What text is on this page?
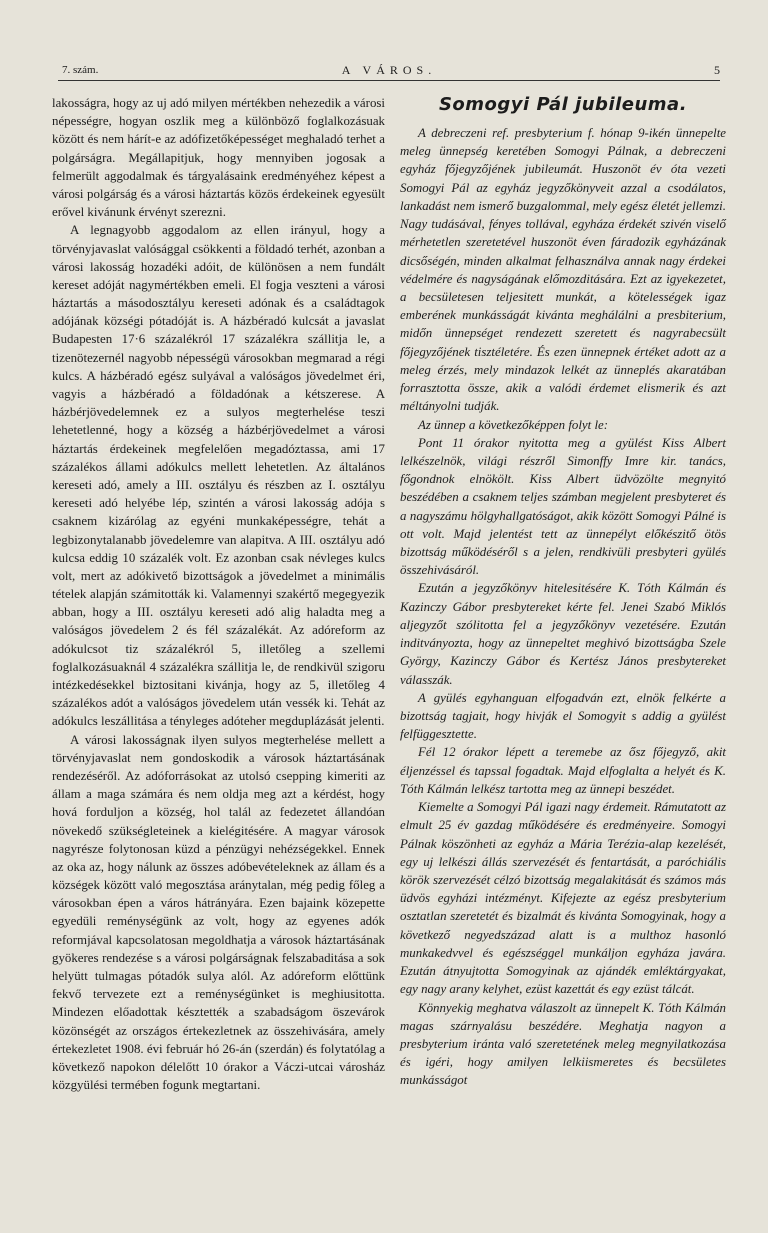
7. szám.	A VÁROS.	5

lakosságra, hogy az uj adó milyen mértékben nehezedik a városi népességre, hogyan oszlik meg a különböző foglalkozásuak között és nem hárít-e az adófizetőképességet meghaladó terhet a polgárságra. Megállapitjuk, hogy mennyiben jogosak a felmerült aggodalmak és tárgyalásaink eredményéhez képest a városi polgárság és a városi háztartás közös érdekeinek egyesült erővel kivánunk érvényt szerezni.

A legnagyobb aggodalom az ellen irányul, hogy a törvényjavaslat valósággal csökkenti a földadó terhét, azonban a városi lakosság hozadéki adóit, de különösen a nem fundált kereset adóját nagymértékben emeli. El fogja veszteni a városi háztartás a másodosztályu kereseti adónak és a családtagok adójának községi pótadóját is. A házbéradó kulcsát a javaslat Budapesten 17·6 százalékról 17 százalékra szállitja le, a tizenötezernél nagyobb népességü városokban megmarad a régi kulcs. A házbéradó egész sulyával a valóságos jövedelmet éri, vagyis a házbéradó a földadónak a kétszerese. A házbérjövedelemnek ez a sulyos megterhelése teszi lehetetlenné, hogy a község a házbérjövedelmet a városi háztartás érdekeinek megfelelően megadóztassa, ami 17 százalékos állami adókulcs mellett lehetetlen. Az általános kereseti adó, amely a III. osztályu és részben az I. osztályu kereseti adó helyébe lép, szintén a városi lakosság adója s csaknem kizárólag az egyéni munkaképességre, tehát a legbizonytalanabb jövedelemre van alapitva. A III. osztályu adó kulcsa eddig 10 százalék volt. Ez azonban csak névleges kulcs volt, mert az adókivető bizottságok a jövedelmet a minimális tételek alapján számitották ki. Valamennyi szakértő megegyezik abban, hogy a III. osztályu kereseti adó alig haladta meg a valóságos jövedelem 2 és fél százalékát. Az adóreform az adókulcsot tiz százalékról 5, illetőleg a szellemi foglalkozásuaknál 4 százalékra szállitja le, de rendkivül szigoru intézkedésekkel biztositani kivánja, hogy az 5, illetőleg 4 százalékos adót a valóságos jövedelem után vessék ki. Tehát az adókulcs leszállitása a tényleges adóteher megduplázását jelenti.

A városi lakosságnak ilyen sulyos megterhelése mellett a törvényjavaslat nem gondoskodik a városok háztartásának rendezéséről. Az adóforrásokat az utolsó csepping kimeriti az állam a maga számára és nem oldja meg azt a kérdést, hogy hová forduljon a község, hol talál az fedezetet állandóan növekedő szükségleteinek a kielégitésére. A magyar városok nagyrésze folytonosan küzd a pénzügyi nehézségekkel. Ennek az oka az, hogy nálunk az összes adóbevételeknek az állam és a községek között való megosztása aránytalan, még pedig főleg a városokban épen a város hátrányára. Ezen bajaink közepette egyedüli reménységünk az volt, hogy az egyenes adók reformjával kapcsolatosan megoldhatja a városok háztartásának gyökeres rendezése s a városi polgárságnak felszabaditása a sok helyütt tulmagas pótadók sulya alól. Az adóreform előttünk fekvő tervezete ezt a reménységünket is meghiusitotta. Mindezen előadottak késztették a szabadságom öszevárok közönségét az országos értekezletnek az összehivására, amely értekezletet 1908. évi február hó 26-án (szerdán) és folytatólag a következő napokon délelőtt 10 órakor a Váczi-utcai városház közgyülési termében fogunk megtartani.

Somogyi Pál jubileuma.

A debreczeni ref. presbyterium f. hónap 9-ikén ünnepelte meleg ünnepség keretében Somogyi Pálnak, a debreczeni egyház főjegyzőjének jubileumát. Huszonöt év óta vezeti Somogyi Pál az egyház jegyzőkönyveit azzal a csodálatos, lankadást nem ismerő buzgalommal, mely egész életét jellemzi. Nagy tudásával, fényes tollával, egyháza érdekét szivén viselő mérhetetlen szeretetével huszonöt éven fáradozik egyházának dicsőségén, minden alkalmat felhasználva annak nagy érdekei védelmére és nagyságának előmozditására. Ezt az igyekezetet, a becsületesen teljesitett munkát, a kötelességek igaz emberének munkásságát kivánta meghálálni a presbiterium, midőn ünnepséget rendezett szeretett és nagyrabecsült főjegyzőjének tisztéletére. És ezen ünnepnek értéket adott az a meleg érzés, mely mindazok lelkét az ünneplés akaratában forrasztotta össze, akik a valódi érdemet elismerik és azt méltányolni tudják.

Az ünnep a következőképpen folyt le:

Pont 11 órakor nyitotta meg a gyülést Kiss Albert lelkészelnök, világi részről Simonffy Imre kir. tanács, főgondnok elnökölt. Kiss Albert üdvözölte megnyitó beszédében a csaknem teljes számban megjelent presbyteret és a nagyszámu hölgyhallgatóságot, akik között Somogyi Pálné is ott volt. Majd jelentést tett az ünnepélyt előkészitő ötös bizottság működéséről s a jelen, rendkivüli presbyteri gyülés összehivásáról.

Ezután a jegyzőkönyv hitelesitésére K. Tóth Kálmán és Kazinczy Gábor presbytereket kérte fel. Jenei Szabó Miklós aljegyzőt szólitotta fel a jegyzőkönyv vezetésére. Ezután inditványozta, hogy az ünnepeltet meghivó bizottságba Szele György, Kazinczy Gábor és Kertész János presbytereket válasszák.

A gyülés egyhanguan elfogadván ezt, elnök felkérte a bizottság tagjait, hogy hivják el Somogyit s addig a gyülést felfüggesztette.

Fél 12 órakor lépett a teremebe az ősz főjegyző, akit éljenzéssel és tapssal fogadtak. Majd elfoglalta a helyét és K. Tóth Kálmán lelkész tartotta meg az ünnepi beszédet.

Kiemelte a Somogyi Pál igazi nagy érdemeit. Rámutatott az elmult 25 év gazdag működésére és eredményeire. Somogyi Pálnak köszönheti az egyház a Mária Terézia-alap kezelését, egy uj lelkészi állás szervezését és fentartását, a paróchiális körök szervezését célzó bizottság megalakitását és számos más üdvös egyházi intézményt. Kifejezte az egész presbyterium osztatlan szeretetét és bizalmát és kivánta Somogyinak, hogy a következő negyedszázad alatt is a multhoz hasonló munkakedvvel és egészséggel munkáljon egyháza javára. Ezután átnyujtotta Somogyinak az ajándék emléktárgyakat, egy nagy arany kelyhet, ezüst kazettát és egy ezüst tálcát.

Könnyekig meghatva válaszolt az ünnepelt K. Tóth Kálmán magas szárnyalásu beszédére. Meghatja nagyon a presbyterium iránta való szeretetének meleg megnyilatkozása és igéri, hogy amilyen lelkiismeretes és becsületes munkásságot
